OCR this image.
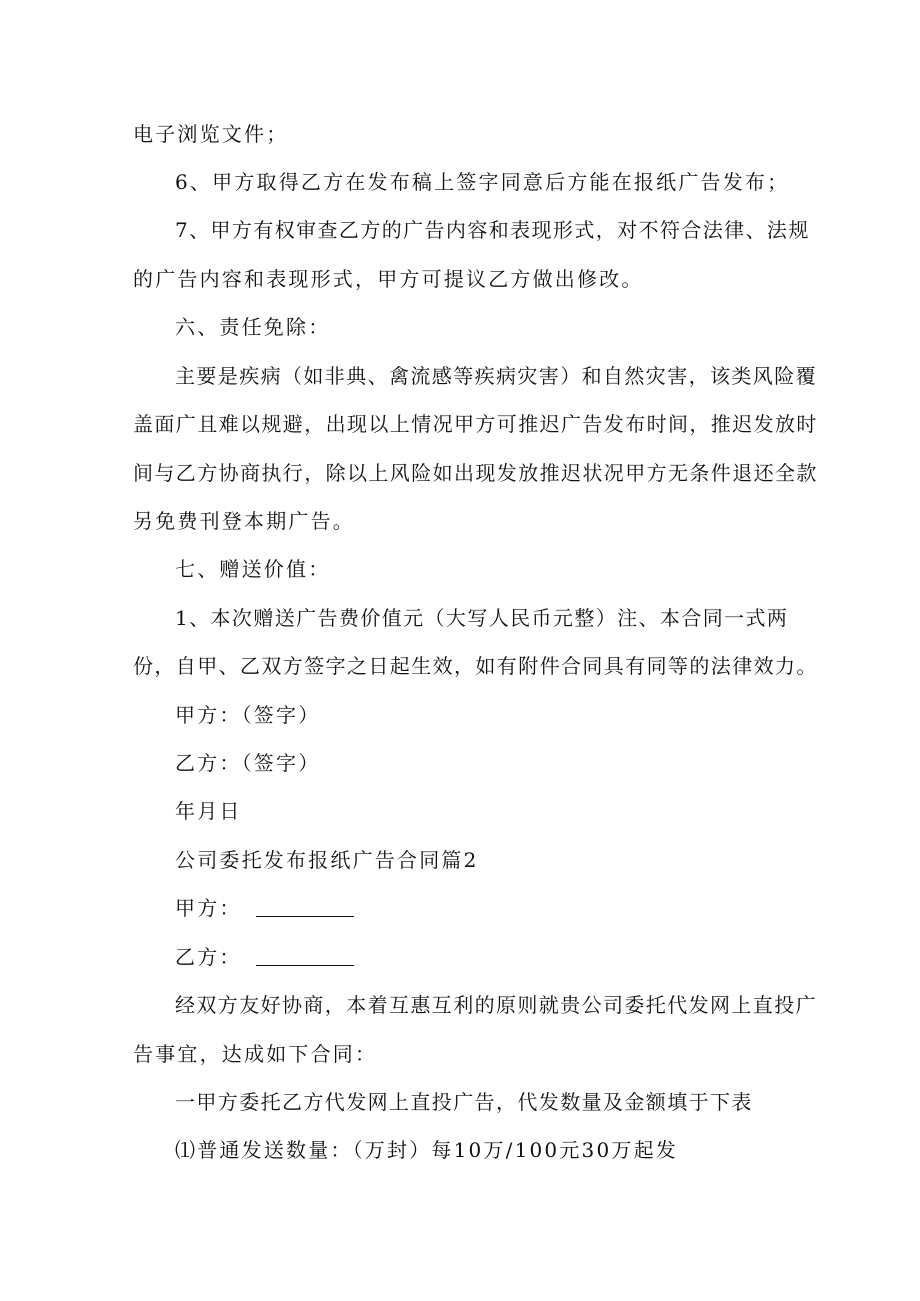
电子浏览文件；
6、甲方取得乙方在发布稿上签字同意后方能在报纸广告发布；
7、甲方有权审查乙方的广告内容和表现形式，对不符合法律、法规
的广告内容和表现形式，甲方可提议乙方做出修改。
六、责任免除：
主要是疾病（如非典、禽流感等疾病灾害）和自然灾害，该类风险覆
盖面广且难以规避，出现以上情况甲方可推迟广告发布时间，推迟发放时
间与乙方协商执行，除以上风险如出现发放推迟状况甲方无条件退还全款
另免费刊登本期广告。
七、赠送价值：
1、本次赠送广告费价值元（大写人民币元整）注、本合同一式两
份，自甲、乙双方签字之日起生效，如有附件合同具有同等的法律效力。
甲方：（签字）
乙方：（签字）
年月日
公司委托发布报纸广告合同篇2
甲方：
乙方：
经双方友好协商，本着互惠互利的原则就贵公司委托代发网上直投广
告事宜，达成如下合同：
一甲方委托乙方代发网上直投广告，代发数量及金额填于下表
⑴普通发送数量：（万封）每10万/100元30万起发
